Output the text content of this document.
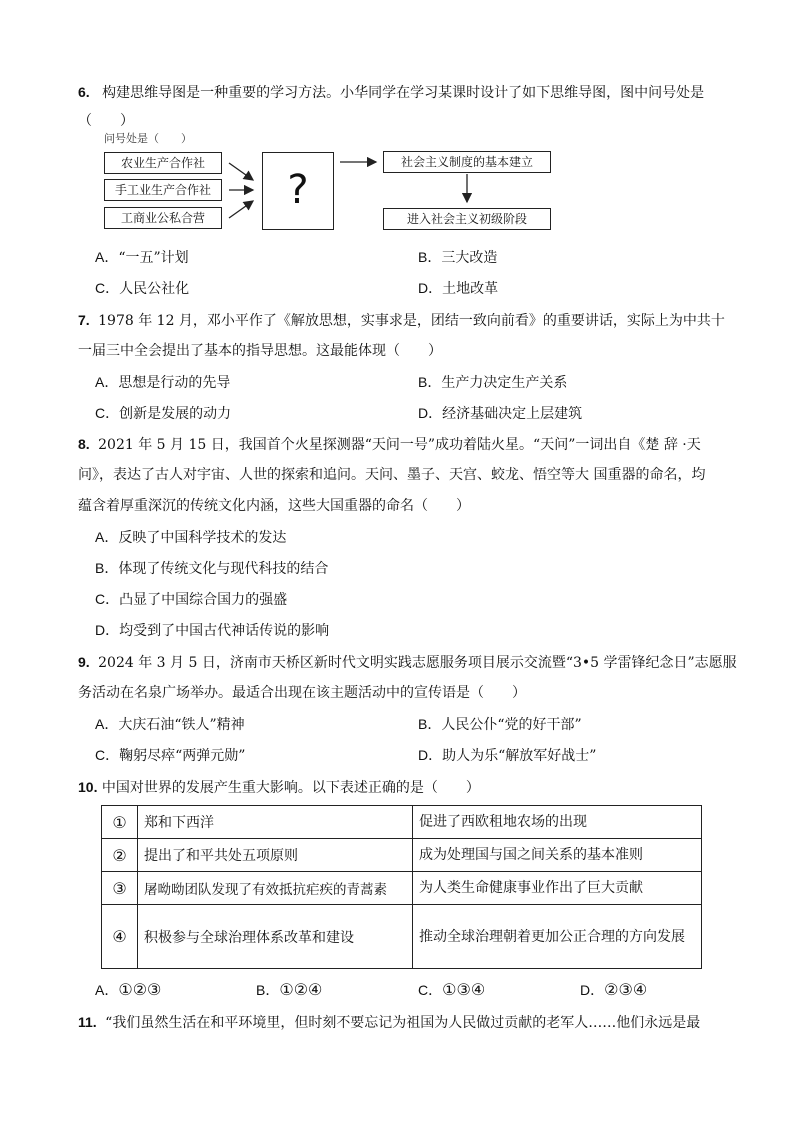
6. 构建思维导图是一种重要的学习方法。小华同学在学习某课时设计了如下思维导图，图中问号处是
（　　）
问号处是（　　）
农业生产合作社
手工业生产合作社
工商业公私合营
?
社会主义制度的基本建立
进入社会主义初级阶段
A．“一五”计划	B．三大改造
C．人民公社化	D．土地改革
7. 1978 年 12 月，邓小平作了《解放思想，实事求是，团结一致向前看》的重要讲话，实际上为中共十
一届三中全会提出了基本的指导思想。这最能体现（　　）
A．思想是行动的先导	B．生产力决定生产关系
C．创新是发展的动力	D．经济基础决定上层建筑
8. 2021 年 5 月 15 日，我国首个火星探测器“天问一号”成功着陆火星。“天问”一词出自《楚 辞 ·天
问》，表达了古人对宇宙、人世的探索和追问。天问、墨子、天宫、蛟龙、悟空等大 国重器的命名，均
蕴含着厚重深沉的传统文化内涵，这些大国重器的命名（　　）
A．反映了中国科学技术的发达
B．体现了传统文化与现代科技的结合
C．凸显了中国综合国力的强盛
D．均受到了中国古代神话传说的影响
9. 2024 年 3 月 5 日，济南市天桥区新时代文明实践志愿服务项目展示交流暨“3•5 学雷锋纪念日”志愿服
务活动在名泉广场举办。最适合出现在该主题活动中的宣传语是（　　）
A．大庆石油“铁人”精神	B．人民公仆“党的好干部”
C．鞠躬尽瘁“两弹元勋”	D．助人为乐“解放军好战士”
10. 中国对世界的发展产生重大影响。以下表述正确的是（　　）
①	郑和下西洋	促进了西欧租地农场的出现
②	提出了和平共处五项原则	成为处理国与国之间关系的基本准则
③	屠呦呦团队发现了有效抵抗疟疾的青蒿素	为人类生命健康事业作出了巨大贡献
④	积极参与全球治理体系改革和建设	推动全球治理朝着更加公正合理的方向发展
A．①②③	B．①②④	C．①③④	D．②③④
11. “我们虽然生活在和平环境里，但时刻不要忘记为祖国为人民做过贡献的老军人……他们永远是最
